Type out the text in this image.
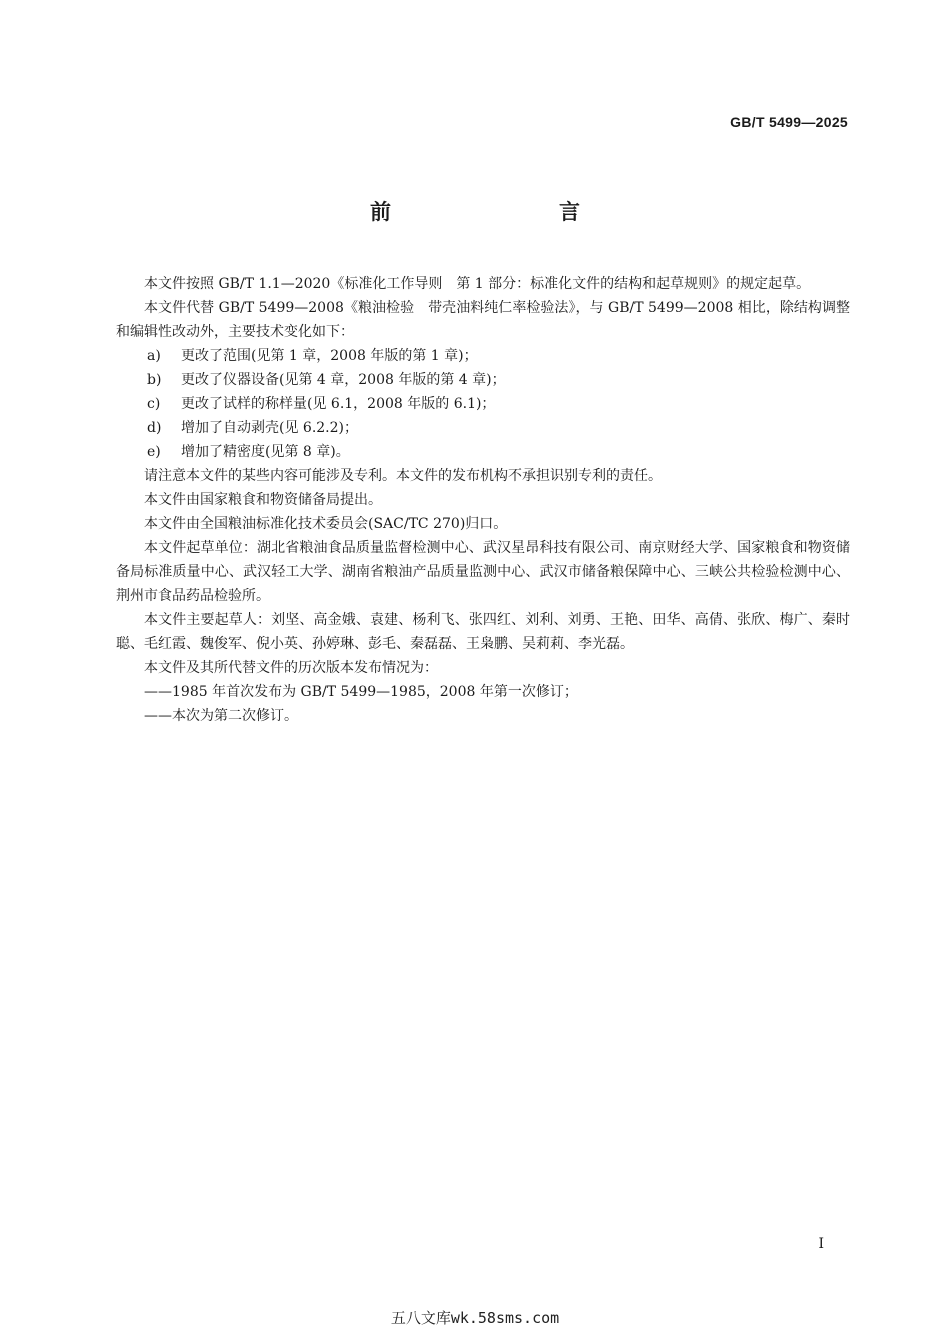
GB/T 5499—2025
前　　言

本文件按照 GB/T 1.1—2020《标准化工作导则　第 1 部分：标准化文件的结构和起草规则》的规定起草。

本文件代替 GB/T 5499—2008《粮油检验　带壳油料纯仁率检验法》，与 GB/T 5499—2008 相比，除结构调整和编辑性改动外，主要技术变化如下：

a) 更改了范围(见第 1 章，2008 年版的第 1 章)；

b) 更改了仪器设备(见第 4 章，2008 年版的第 4 章)；

c) 更改了试样的称样量(见 6.1，2008 年版的 6.1)；

d) 增加了自动剥壳(见 6.2.2)；

e) 增加了精密度(见第 8 章)。

请注意本文件的某些内容可能涉及专利。本文件的发布机构不承担识别专利的责任。

本文件由国家粮食和物资储备局提出。

本文件由全国粮油标准化技术委员会(SAC/TC 270)归口。

本文件起草单位：湖北省粮油食品质量监督检测中心、武汉星昂科技有限公司、南京财经大学、国家粮食和物资储备局标准质量中心、武汉轻工大学、湖南省粮油产品质量监测中心、武汉市储备粮保障中心、三峡公共检验检测中心、荆州市食品药品检验所。

本文件主要起草人：刘坚、高金娥、袁建、杨利飞、张四红、刘利、刘勇、王艳、田华、高倩、张欣、梅广、秦时聪、毛红霞、魏俊军、倪小英、孙婷琳、彭毛、秦磊磊、王枭鹏、吴莉莉、李光磊。

本文件及其所代替文件的历次版本发布情况为：

——1985 年首次发布为 GB/T 5499—1985，2008 年第一次修订；

——本次为第二次修订。

I
五八文库wk.58sms.com
